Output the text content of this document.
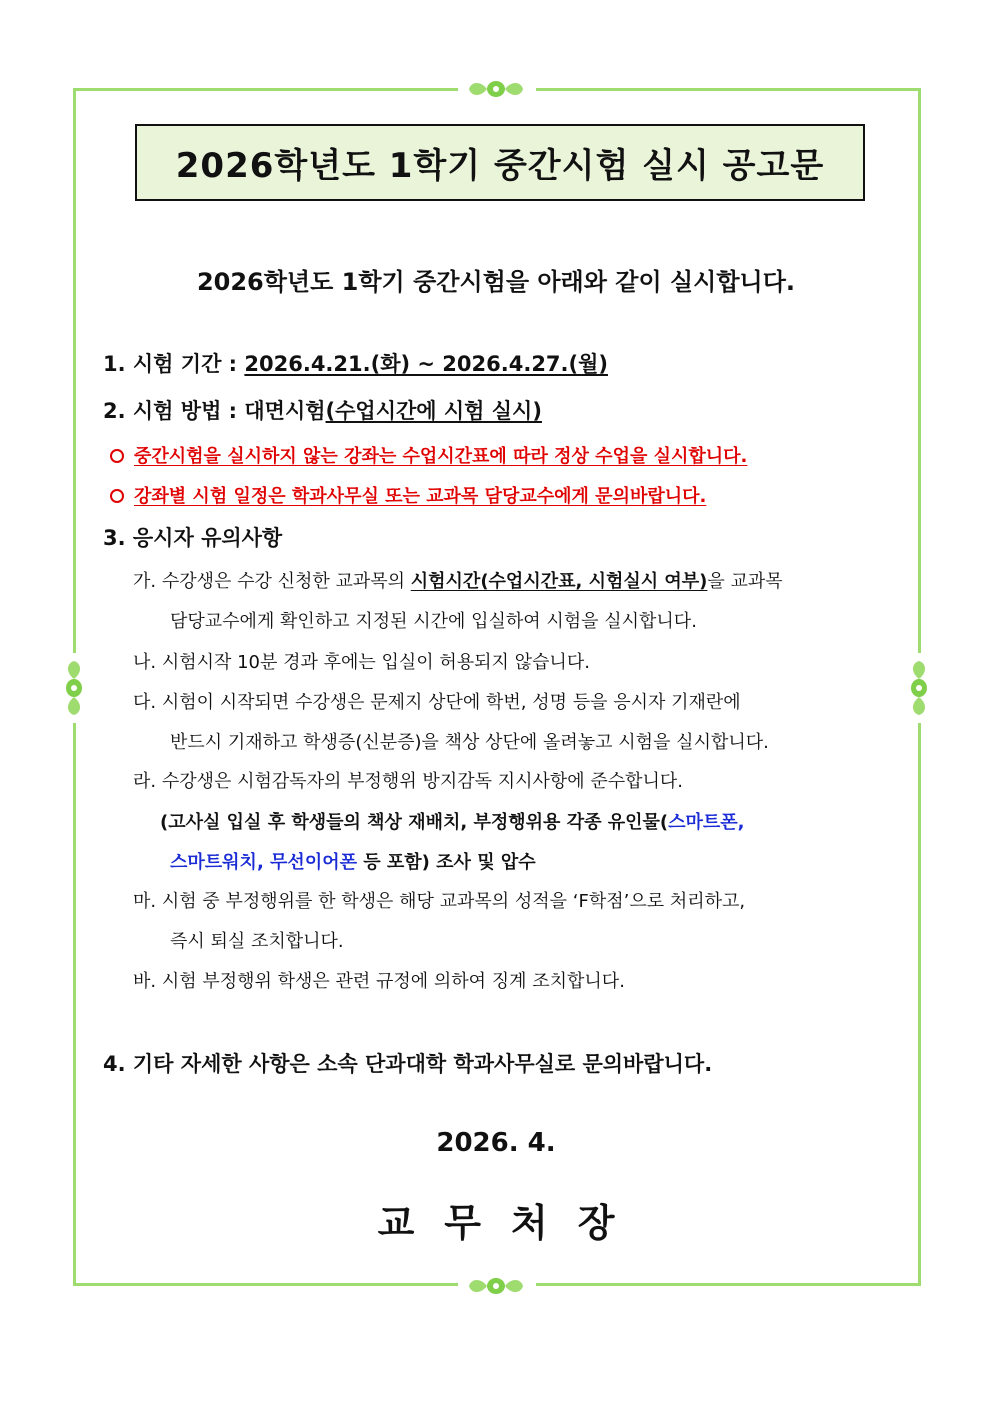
2026학년도 1학기 중간시험 실시 공고문
2026학년도 1학기 중간시험을 아래와 같이 실시합니다.
1. 시험 기간 : 2026.4.21.(화) ~ 2026.4.27.(월)
2. 시험 방법 : 대면시험(수업시간에 시험 실시)
중간시험을 실시하지 않는 강좌는 수업시간표에 따라 정상 수업을 실시합니다.
강좌별 시험 일정은 학과사무실 또는 교과목 담당교수에게 문의바랍니다.
3. 응시자 유의사항
가. 수강생은 수강 신청한 교과목의 시험시간(수업시간표, 시험실시 여부)을 교과목
담당교수에게 확인하고 지정된 시간에 입실하여 시험을 실시합니다.
나. 시험시작 10분 경과 후에는 입실이 허용되지 않습니다.
다. 시험이 시작되면 수강생은 문제지 상단에 학번, 성명 등을 응시자 기재란에
반드시 기재하고 학생증(신분증)을 책상 상단에 올려놓고 시험을 실시합니다.
라. 수강생은 시험감독자의 부정행위 방지감독 지시사항에 준수합니다.
(고사실 입실 후 학생들의 책상 재배치, 부정행위용 각종 유인물(스마트폰,
스마트워치, 무선이어폰 등 포함) 조사 및 압수
마. 시험 중 부정행위를 한 학생은 해당 교과목의 성적을 ‘F학점’으로 처리하고,
즉시 퇴실 조치합니다.
바. 시험 부정행위 학생은 관련 규정에 의하여 징계 조치합니다.
4. 기타 자세한 사항은 소속 단과대학 학과사무실로 문의바랍니다.
2026. 4.
교무처장
